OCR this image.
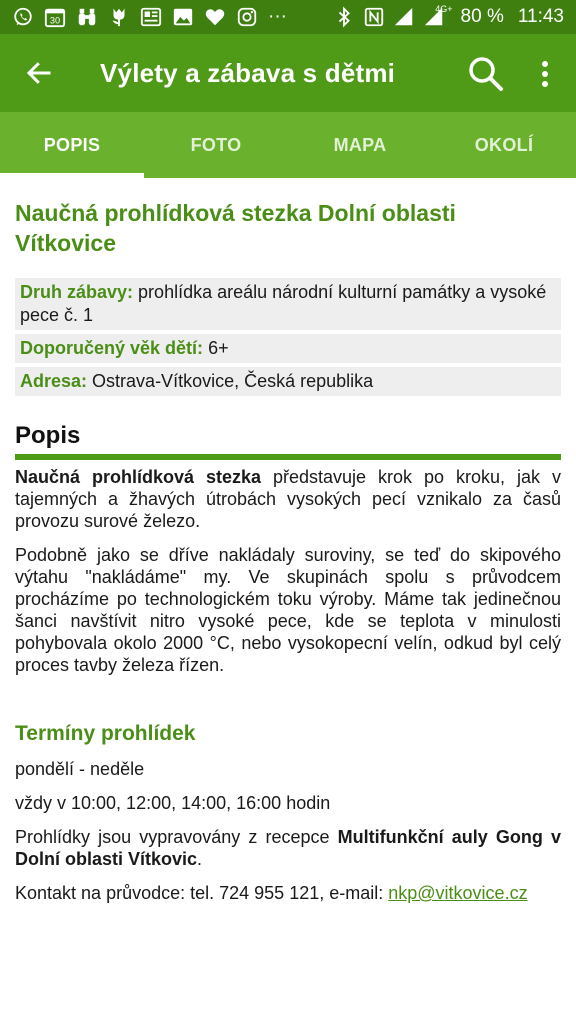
30	···	4G+ 80 % 11:43
Výlety a zábava s dětmi
POPIS	FOTO	MAPA	OKOLÍ
Naučná prohlídková stezka Dolní oblasti Vítkovice
Druh zábavy: prohlídka areálu národní kulturní památky a vysoké pece č. 1
Doporučený věk dětí: 6+
Adresa: Ostrava-Vítkovice, Česká republika
Popis

Naučná prohlídková stezka představuje krok po kroku, jak v tajemných a žhavých útrobách vysokých pecí vznikalo za časů provozu surové železo.

Podobně jako se dříve nakládaly suroviny, se teď do skipového výtahu "nakládáme" my. Ve skupinách spolu s průvodcem procházíme po technologickém toku výroby. Máme tak jedinečnou šanci navštívit nitro vysoké pece, kde se teplota v minulosti pohybovala okolo 2000 °C, nebo vysokopecní velín, odkud byl celý proces tavby železa řízen.

Termíny prohlídek
pondělí - neděle
vždy v 10:00, 12:00, 14:00, 16:00 hodin
Prohlídky jsou vypravovány z recepce Multifunkční auly Gong v Dolní oblasti Vítkovic.
Kontakt na průvodce: tel. 724 955 121, e-mail: nkp@vitkovice.cz
